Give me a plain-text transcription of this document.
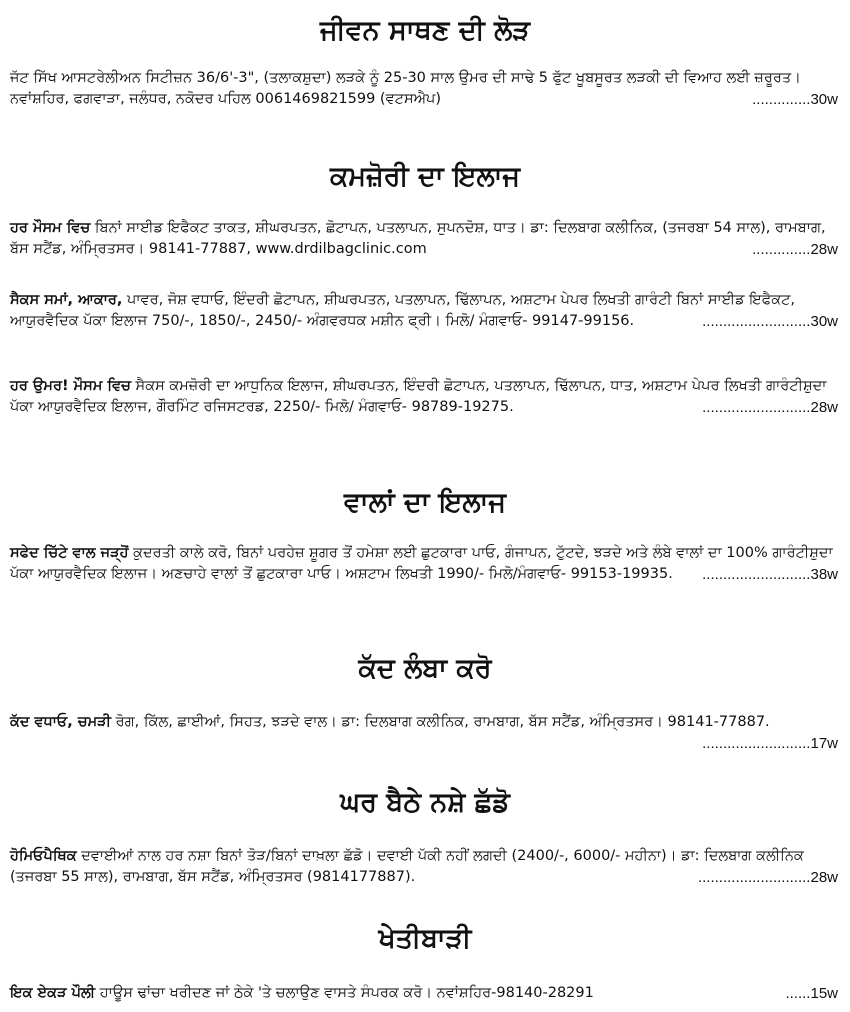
ਜੀਵਨ ਸਾਥਣ ਦੀ ਲੋੜ

ਜੱਟ ਸਿੱਖ ਆਸਟਰੇਲੀਅਨ ਸਿਟੀਜ਼ਨ 36/6'-3", (ਤਲਾਕਸ਼ੁਦਾ) ਲੜਕੇ ਨੂੰ 25-30 ਸਾਲ ਉਮਰ ਦੀ ਸਾਢੇ 5 ਫੁੱਟ ਖੂਬਸੂਰਤ ਲੜਕੀ ਦੀ ਵਿਆਹ ਲਈ ਜ਼ਰੂਰਤ। ਨਵਾਂਸ਼ਹਿਰ, ਫਗਵਾੜਾ, ਜਲੰਧਰ, ਨਕੋਦਰ ਪਹਿਲ 0061469821599 (ਵਟਸਐਪ)	..............30w

ਕਮਜ਼ੋਰੀ ਦਾ ਇਲਾਜ

ਹਰ ਮੌਸਮ ਵਿਚ ਬਿਨਾਂ ਸਾਈਡ ਇਫੈਕਟ ਤਾਕਤ, ਸ਼ੀਘਰਪਤਨ, ਛੋਟਾਪਨ, ਪਤਲਾਪਨ, ਸੁਪਨਦੋਸ਼, ਧਾਤ। ਡਾ: ਦਿਲਬਾਗ ਕਲੀਨਿਕ, (ਤਜਰਬਾ 54 ਸਾਲ), ਰਾਮਬਾਗ, ਬੱਸ ਸਟੈਂਡ, ਅੰਮ੍ਰਿਤਸਰ। 98141-77887, www.drdilbagclinic.com	..............28w

ਸੈਕਸ ਸਮਾਂ, ਆਕਾਰ, ਪਾਵਰ, ਜੋਸ਼ ਵਧਾਓ, ਇੰਦਰੀ ਛੋਟਾਪਨ, ਸ਼ੀਘਰਪਤਨ, ਪਤਲਾਪਨ, ਢਿੱਲਾਪਨ, ਅਸ਼ਟਾਮ ਪੇਪਰ ਲਿਖਤੀ ਗਾਰੰਟੀ ਬਿਨਾਂ ਸਾਈਡ ਇਫੈਕਟ, ਆਯੁਰਵੈਦਿਕ ਪੱਕਾ ਇਲਾਜ 750/-, 1850/-, 2450/- ਅੰਗਵਰਧਕ ਮਸ਼ੀਨ ਫ੍ਰੀ। ਮਿਲੋ/ ਮੰਗਵਾਓ- 99147-99156.	..........................30w

ਹਰ ਉਮਰ! ਮੌਸਮ ਵਿਚ ਸੈਕਸ ਕਮਜ਼ੋਰੀ ਦਾ ਆਧੁਨਿਕ ਇਲਾਜ, ਸ਼ੀਘਰਪਤਨ, ਇੰਦਰੀ ਛੋਟਾਪਨ, ਪਤਲਾਪਨ, ਢਿੱਲਾਪਨ, ਧਾਤ, ਅਸ਼ਟਾਮ ਪੇਪਰ ਲਿਖਤੀ ਗਾਰੰਟੀਸ਼ੁਦਾ ਪੱਕਾ ਆਯੁਰਵੈਦਿਕ ਇਲਾਜ, ਗੌਰਮਿੰਟ ਰਜਿਸਟਰਡ, 2250/- ਮਿਲੋ/ ਮੰਗਵਾਓ- 98789-19275.	..........................28w

ਵਾਲਾਂ ਦਾ ਇਲਾਜ

ਸਫੇਦ ਚਿੱਟੇ ਵਾਲ ਜੜ੍ਹੋਂ ਕੁਦਰਤੀ ਕਾਲੇ ਕਰੋ, ਬਿਨਾਂ ਪਰਹੇਜ਼ ਸ਼ੂਗਰ ਤੋਂ ਹਮੇਸ਼ਾ ਲਈ ਛੁਟਕਾਰਾ ਪਾਓ, ਗੰਜਾਪਨ, ਟੁੱਟਦੇ, ਝੜਦੇ ਅਤੇ ਲੰਬੇ ਵਾਲਾਂ ਦਾ 100% ਗਾਰੰਟੀਸ਼ੁਦਾ ਪੱਕਾ ਆਯੁਰਵੈਦਿਕ ਇਲਾਜ। ਅਣਚਾਹੇ ਵਾਲਾਂ ਤੋਂ ਛੁਟਕਾਰਾ ਪਾਓ। ਅਸ਼ਟਾਮ ਲਿਖਤੀ 1990/- ਮਿਲੋ/ਮੰਗਵਾਓ- 99153-19935. ..........................38w

ਕੱਦ ਲੰਬਾ ਕਰੋ

ਕੱਦ ਵਧਾਓ, ਚਮੜੀ ਰੋਗ, ਕਿੱਲ, ਛਾਈਆਂ, ਸਿਹਤ, ਝੜਦੇ ਵਾਲ। ਡਾ: ਦਿਲਬਾਗ ਕਲੀਨਿਕ, ਰਾਮਬਾਗ, ਬੱਸ ਸਟੈਂਡ, ਅੰਮ੍ਰਿਤਸਰ। 98141-77887.
..........................17w

ਘਰ ਬੈਠੇ ਨਸ਼ੇ ਛੱਡੋ

ਹੋਮਿਓਪੈਥਿਕ ਦਵਾਈਆਂ ਨਾਲ ਹਰ ਨਸ਼ਾ ਬਿਨਾਂ ਤੋੜ/ਬਿਨਾਂ ਦਾਖ਼ਲਾ ਛੱਡੋ। ਦਵਾਈ ਪੱਕੀ ਨਹੀਂ ਲਗਦੀ (2400/-, 6000/- ਮਹੀਨਾ)। ਡਾ: ਦਿਲਬਾਗ ਕਲੀਨਿਕ (ਤਜਰਬਾ 55 ਸਾਲ), ਰਾਮਬਾਗ, ਬੱਸ ਸਟੈਂਡ, ਅੰਮ੍ਰਿਤਸਰ (9814177887).	...........................28w

ਖੇਤੀਬਾੜੀ

ਇਕ ਏਕੜ ਪੌਲੀ ਹਾਊਸ ਢਾਂਚਾ ਖਰੀਦਣ ਜਾਂ ਠੇਕੇ 'ਤੇ ਚਲਾਉਣ ਵਾਸਤੇ ਸੰਪਰਕ ਕਰੋ। ਨਵਾਂਸ਼ਹਿਰ-98140-28291	......15w
